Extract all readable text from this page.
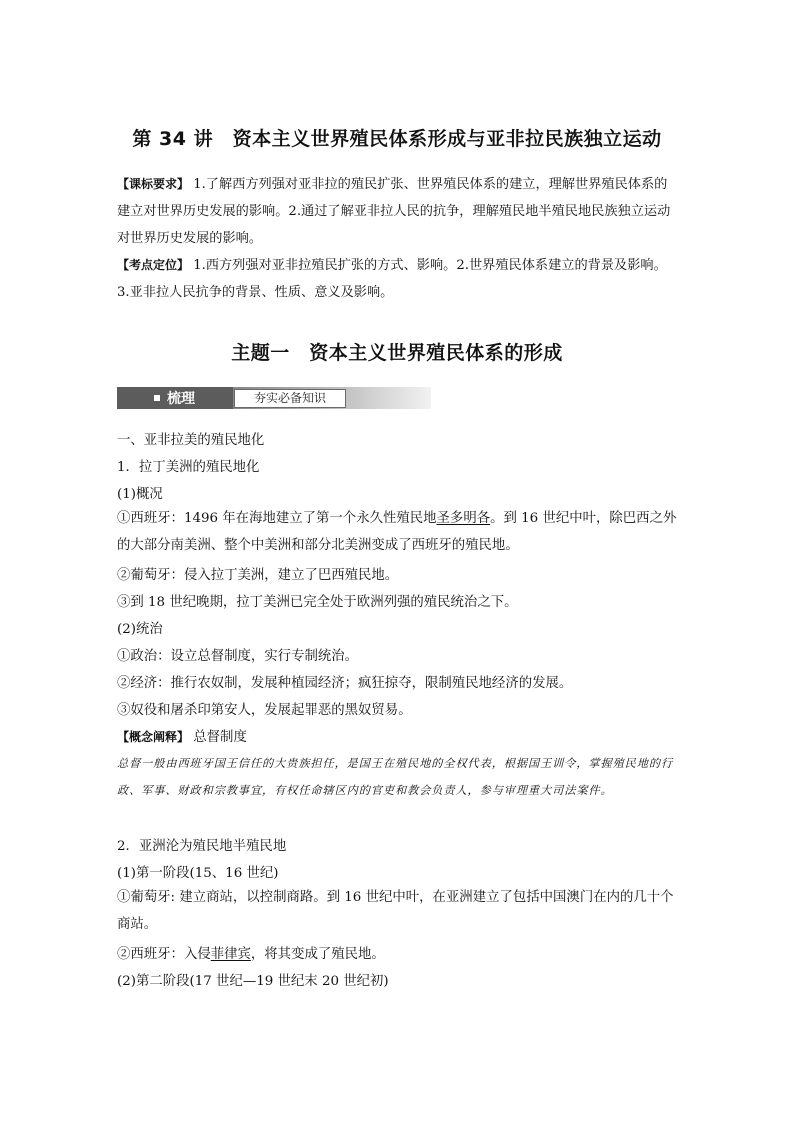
第 34 讲　资本主义世界殖民体系形成与亚非拉民族独立运动
【课标要求】 1.了解西方列强对亚非拉的殖民扩张、世界殖民体系的建立，理解世界殖民体系的建立对世界历史发展的影响。2.通过了解亚非拉人民的抗争，理解殖民地半殖民地民族独立运动对世界历史发展的影响。
【考点定位】 1.西方列强对亚非拉殖民扩张的方式、影响。2.世界殖民体系建立的背景及影响。3.亚非拉人民抗争的背景、性质、意义及影响。
主题一　资本主义世界殖民体系的形成
梳理	夯实必备知识
一、亚非拉美的殖民地化
1．拉丁美洲的殖民地化
(1)概况
①西班牙：1496 年在海地建立了第一个永久性殖民地圣多明各。到 16 世纪中叶，除巴西之外的大部分南美洲、整个中美洲和部分北美洲变成了西班牙的殖民地。
②葡萄牙：侵入拉丁美洲，建立了巴西殖民地。
③到 18 世纪晚期，拉丁美洲已完全处于欧洲列强的殖民统治之下。
(2)统治
①政治：设立总督制度，实行专制统治。
②经济：推行农奴制，发展种植园经济；疯狂掠夺，限制殖民地经济的发展。
③奴役和屠杀印第安人，发展起罪恶的黑奴贸易。
【概念阐释】 总督制度
总督一般由西班牙国王信任的大贵族担任，是国王在殖民地的全权代表，根据国王训令，掌握殖民地的行政、军事、财政和宗教事宜，有权任命辖区内的官吏和教会负责人，参与审理重大司法案件。
2．亚洲沦为殖民地半殖民地
(1)第一阶段(15、16 世纪)
①葡萄牙: 建立商站，以控制商路。到 16 世纪中叶，在亚洲建立了包括中国澳门在内的几十个商站。
②西班牙：入侵菲律宾，将其变成了殖民地。
(2)第二阶段(17 世纪—19 世纪末 20 世纪初)
